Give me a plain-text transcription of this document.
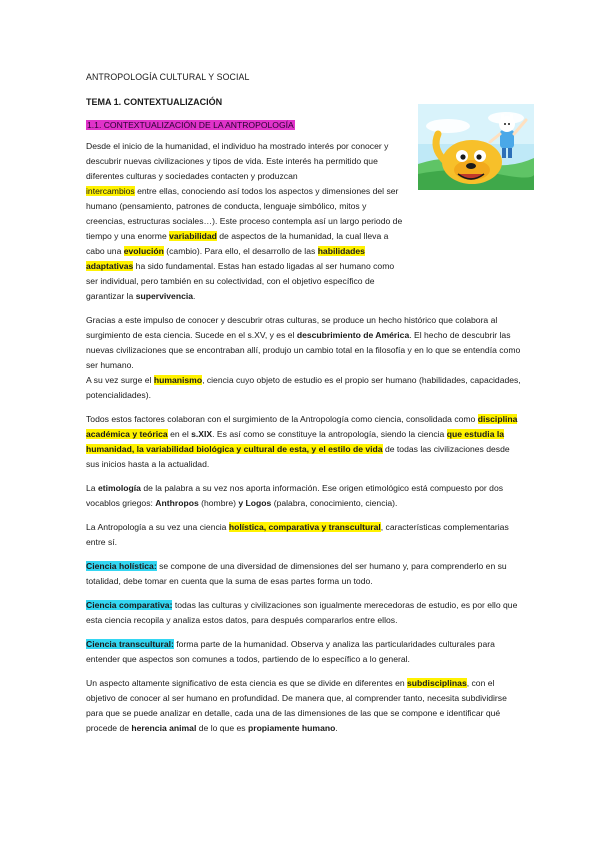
ANTROPOLOGÍA CULTURAL Y SOCIAL
TEMA 1. CONTEXTUALIZACIÓN
1.1. CONTEXTUALIZACIÓN DE LA ANTROPOLOGÍA

Desde el inicio de la humanidad, el individuo ha mostrado interés por conocer y descubrir nuevas civilizaciones y tipos de vida. Este interés ha permitido que diferentes culturas y sociedades contacten y produzcan
intercambios entre ellas, conociendo así todos los aspectos y dimensiones del ser humano (pensamiento, patrones de conducta, lenguaje simbólico, mitos y creencias, estructuras sociales…). Este proceso contempla así un largo periodo de tiempo y una enorme variabilidad de aspectos de la humanidad, la cual lleva a cabo una evolución (cambio). Para ello, el desarrollo de las habilidades adaptativas ha sido fundamental. Estas han estado ligadas al ser humano como ser individual, pero también en su colectividad, con el objetivo específico de garantizar la supervivencia.

Gracias a este impulso de conocer y descubrir otras culturas, se produce un hecho histórico que colabora al surgimiento de esta ciencia. Sucede en el s.XV, y es el descubrimiento de América. El hecho de descubrir las nuevas civilizaciones que se encontraban allí, produjo un cambio total en la filosofía y en lo que se entendía como ser humano.
A su vez surge el humanismo, ciencia cuyo objeto de estudio es el propio ser humano (habilidades, capacidades, potencialidades).

Todos estos factores colaboran con el surgimiento de la Antropología como ciencia, consolidada como disciplina académica y teórica en el s.XIX. Es así como se constituye la antropología, siendo la ciencia que estudia la humanidad, la variabilidad biológica y cultural de esta, y el estilo de vida de todas las civilizaciones desde sus inicios hasta a la actualidad.

La etimología de la palabra a su vez nos aporta información. Ese origen etimológico está compuesto por dos vocablos griegos: Anthropos (hombre) y Logos (palabra, conocimiento, ciencia).

La Antropología a su vez una ciencia holística, comparativa y transcultural, características complementarias entre sí.

Ciencia holística: se compone de una diversidad de dimensiones del ser humano y, para comprenderlo en su totalidad, debe tomar en cuenta que la suma de esas partes forma un todo.

Ciencia comparativa: todas las culturas y civilizaciones son igualmente merecedoras de estudio, es por ello que esta ciencia recopila y analiza estos datos, para después compararlos entre ellos.

Ciencia transcultural: forma parte de la humanidad. Observa y analiza las particularidades culturales para entender que aspectos son comunes a todos, partiendo de lo específico a lo general.

Un aspecto altamente significativo de esta ciencia es que se divide en diferentes en subdisciplinas, con el objetivo de conocer al ser humano en profundidad. De manera que, al comprender tanto, necesita subdividirse para que se puede analizar en detalle, cada una de las dimensiones de las que se compone e identificar qué procede de herencia animal de lo que es propiamente humano.
